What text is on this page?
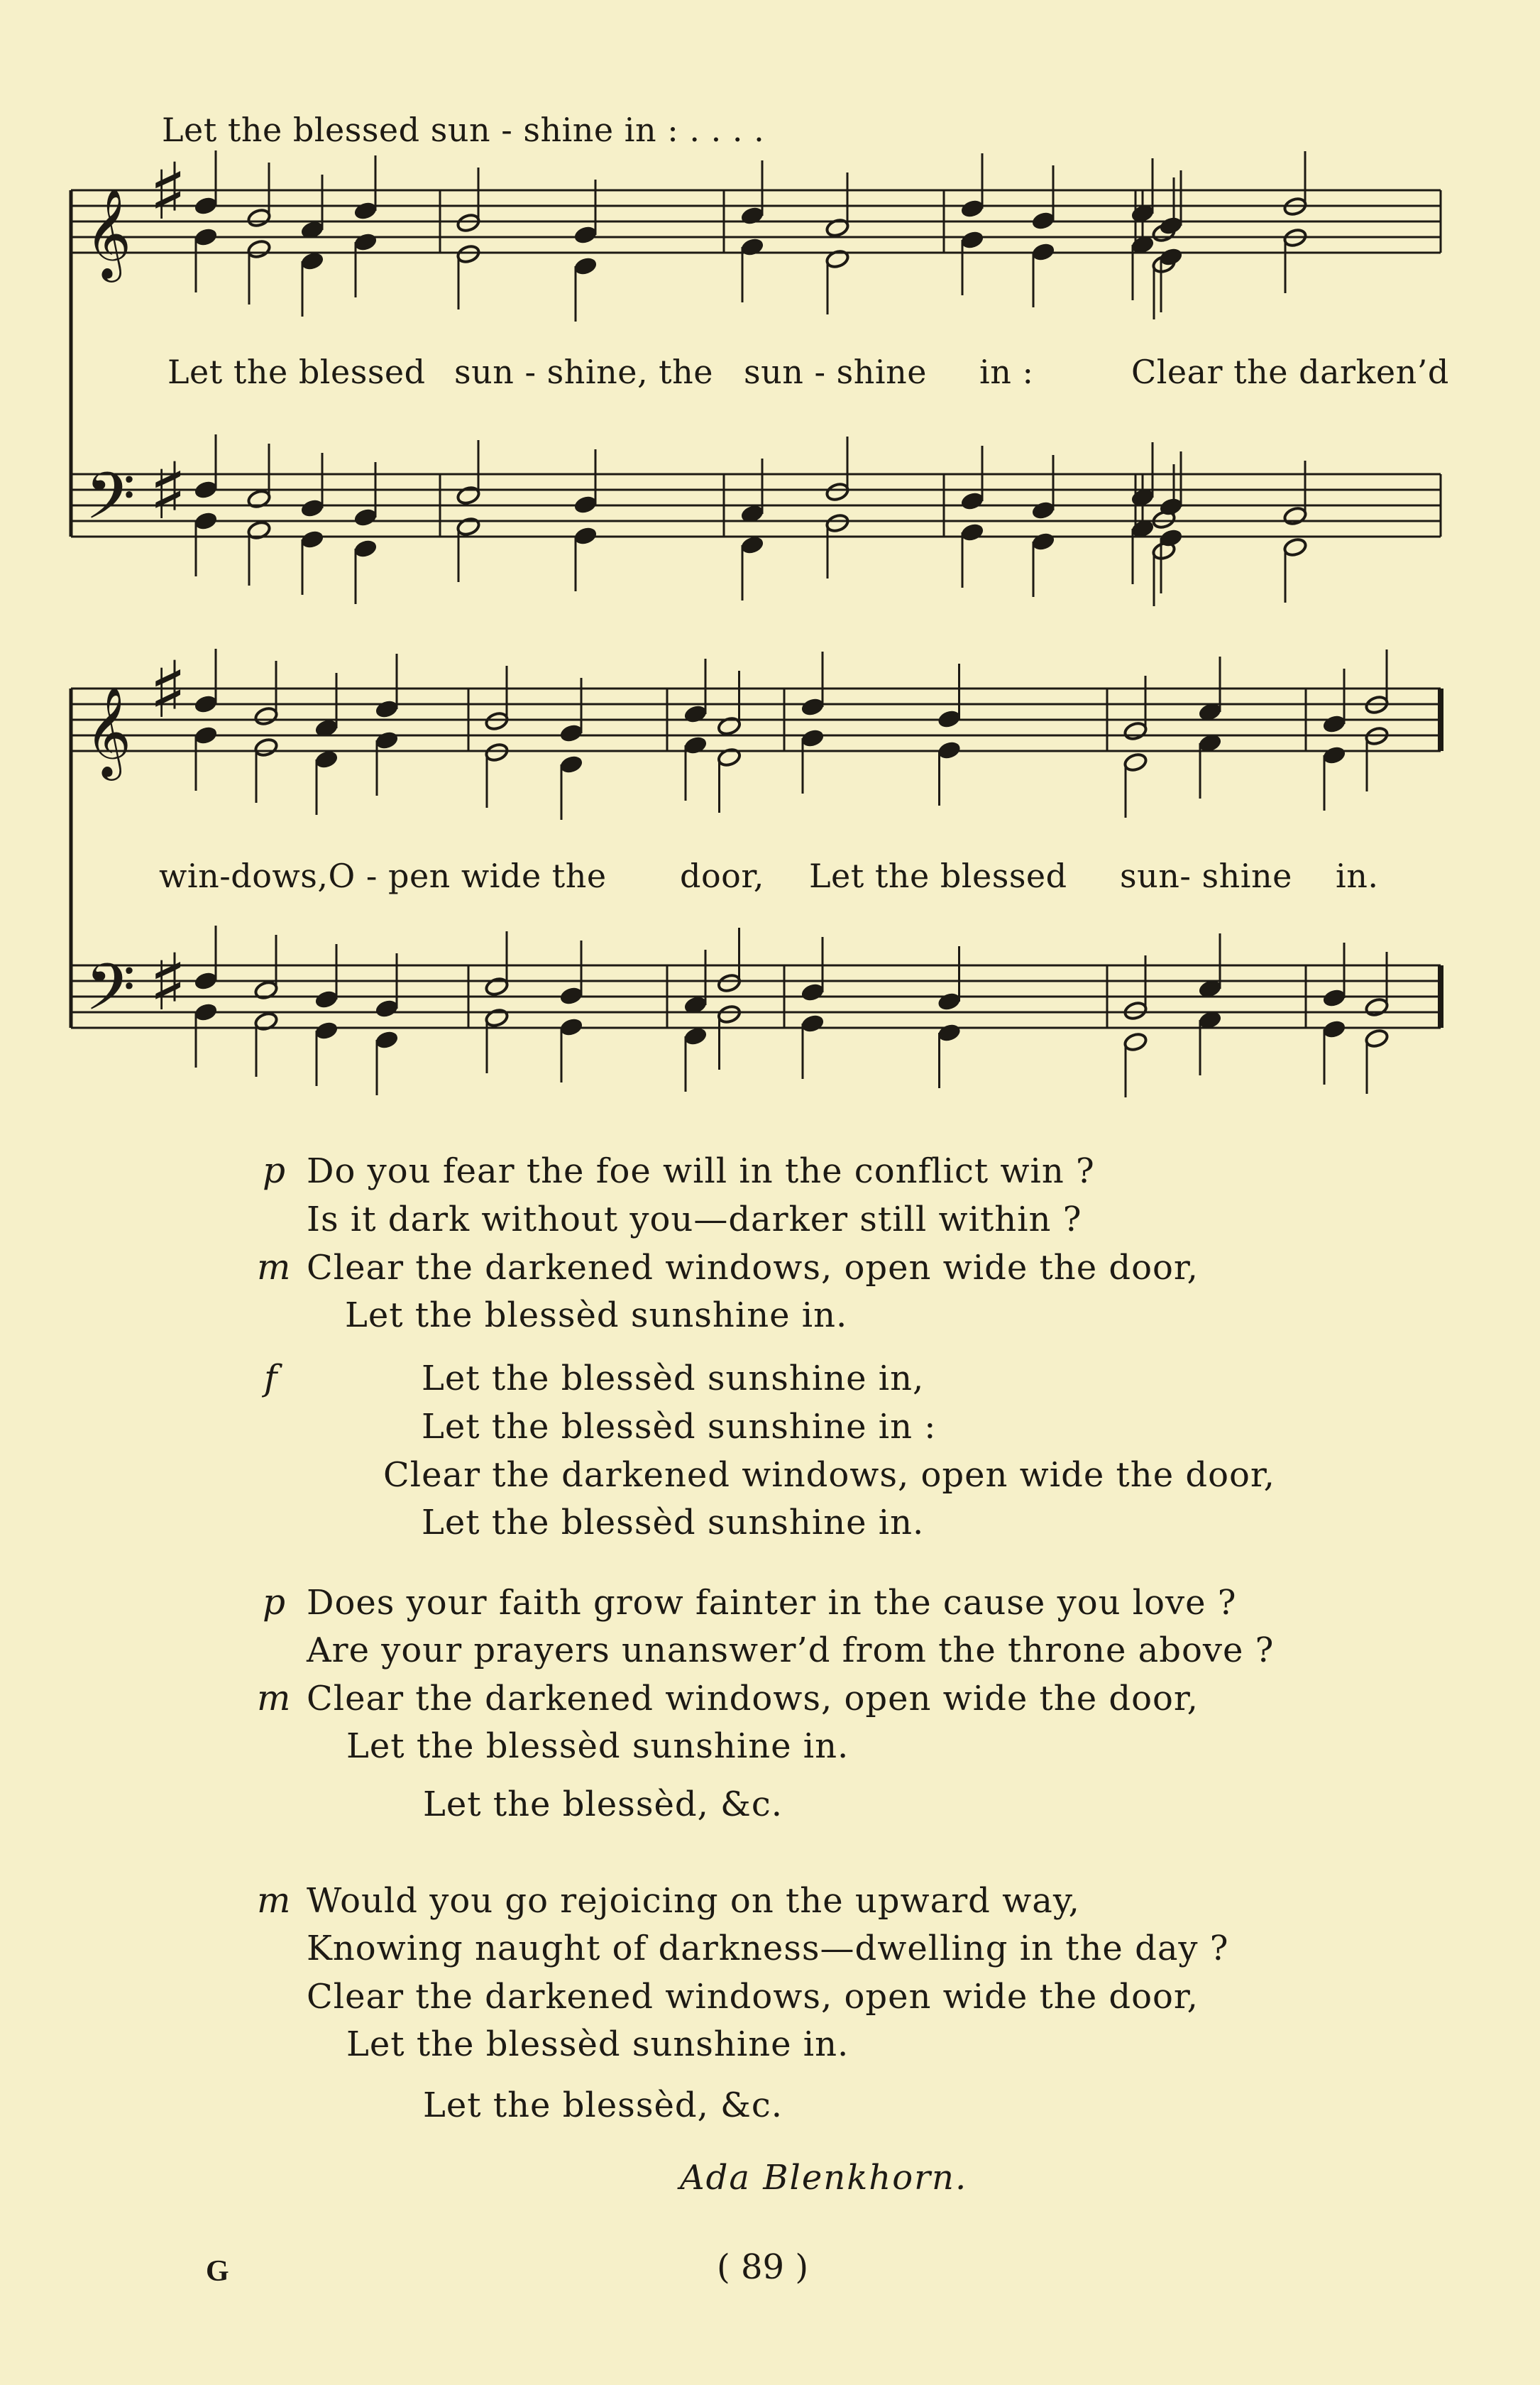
Let the blessed sun - shine in : . . . .
Let the blessed sun - shine, the sun - shine in :	Clear the darken’d
win-dows,O - pen wide the door, Let the blessed sun- shine in.
𝄞
𝄢
♯
♯
𝄞
𝄢
♯
♯
p Do you fear the foe will in the conflict win ?
Is it dark without you—darker still within ?
m Clear the darkened windows, open wide the door,
Let the blessèd sunshine in.
f	Let the blessèd sunshine in,
Let the blessèd sunshine in :
Clear the darkened windows, open wide the door,
Let the blessèd sunshine in.
p Does your faith grow fainter in the cause you love ?
Are your prayers unanswer’d from the throne above ?
m Clear the darkened windows, open wide the door,
Let the blessèd sunshine in.
Let the blessèd, &c.
m Would you go rejoicing on the upward way,
Knowing naught of darkness—dwelling in the day ?
Clear the darkened windows, open wide the door,
Let the blessèd sunshine in.
Let the blessèd, &c.
Ada Blenkhorn.
G	( 89 )
